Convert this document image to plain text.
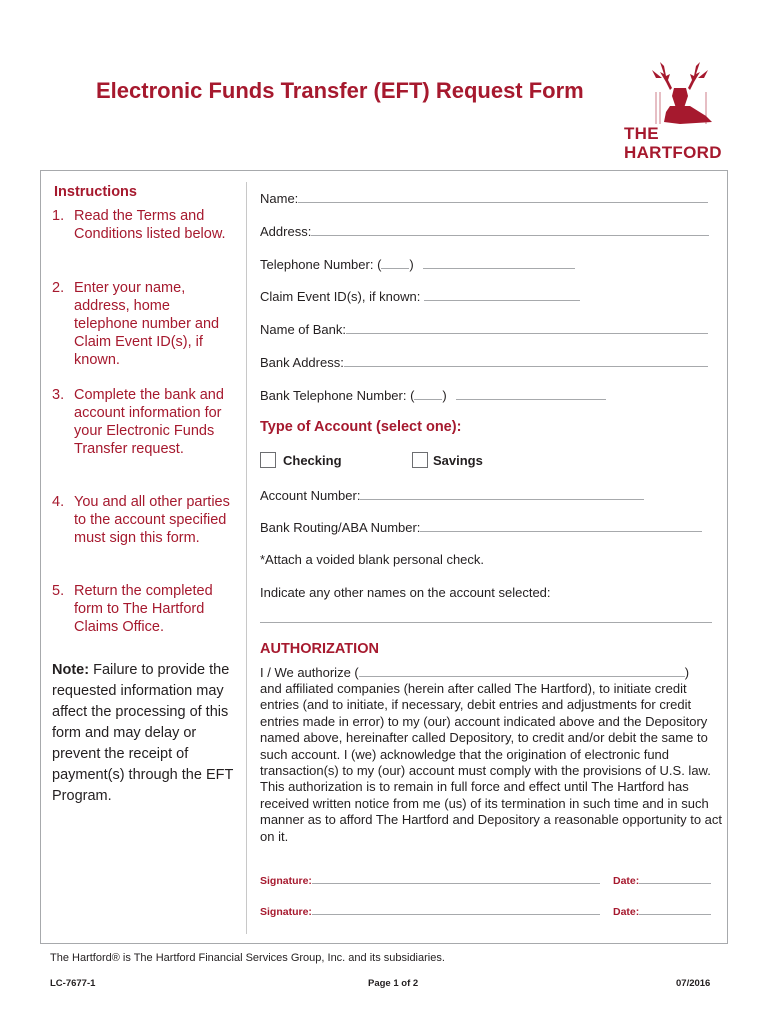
Electronic Funds Transfer (EFT) Request Form
THE
HARTFORD
Instructions
1. Read the Terms and Conditions listed below.
2. Enter your name, address, home telephone number and Claim Event ID(s), if known.
3. Complete the bank and account information for your Electronic Funds Transfer request.
4. You and all other parties to the account specified must sign this form.
5. Return the completed form to The Hartford Claims Office.
Note: Failure to provide the requested information may affect the processing of this form and may delay or prevent the receipt of payment(s) through the EFT Program.
Name:
Address:
Telephone Number: ( )
Claim Event ID(s), if known:
Name of Bank:
Bank Address:
Bank Telephone Number: ( )
Type of Account (select one):
Checking	Savings
Account Number:
Bank Routing/ABA Number:
*Attach a voided blank personal check.
Indicate any other names on the account selected:
AUTHORIZATION
I / We authorize (	)
and affiliated companies (herein after called The Hartford), to initiate credit entries (and to initiate, if necessary, debit entries and adjustments for credit entries made in error) to my (our) account indicated above and the Depository named above, hereinafter called Depository, to credit and/or debit the same to such account. I (we) acknowledge that the origination of electronic fund transaction(s) to my (our) account must comply with the provisions of U.S. law. This authorization is to remain in full force and effect until The Hartford has received written notice from me (us) of its termination in such time and in such manner as to afford The Hartford and Depository a reasonable opportunity to act on it.
Signature:	Date:
Signature:	Date:
The Hartford® is The Hartford Financial Services Group, Inc. and its subsidiaries.
LC-7677-1	Page 1 of 2	07/2016
